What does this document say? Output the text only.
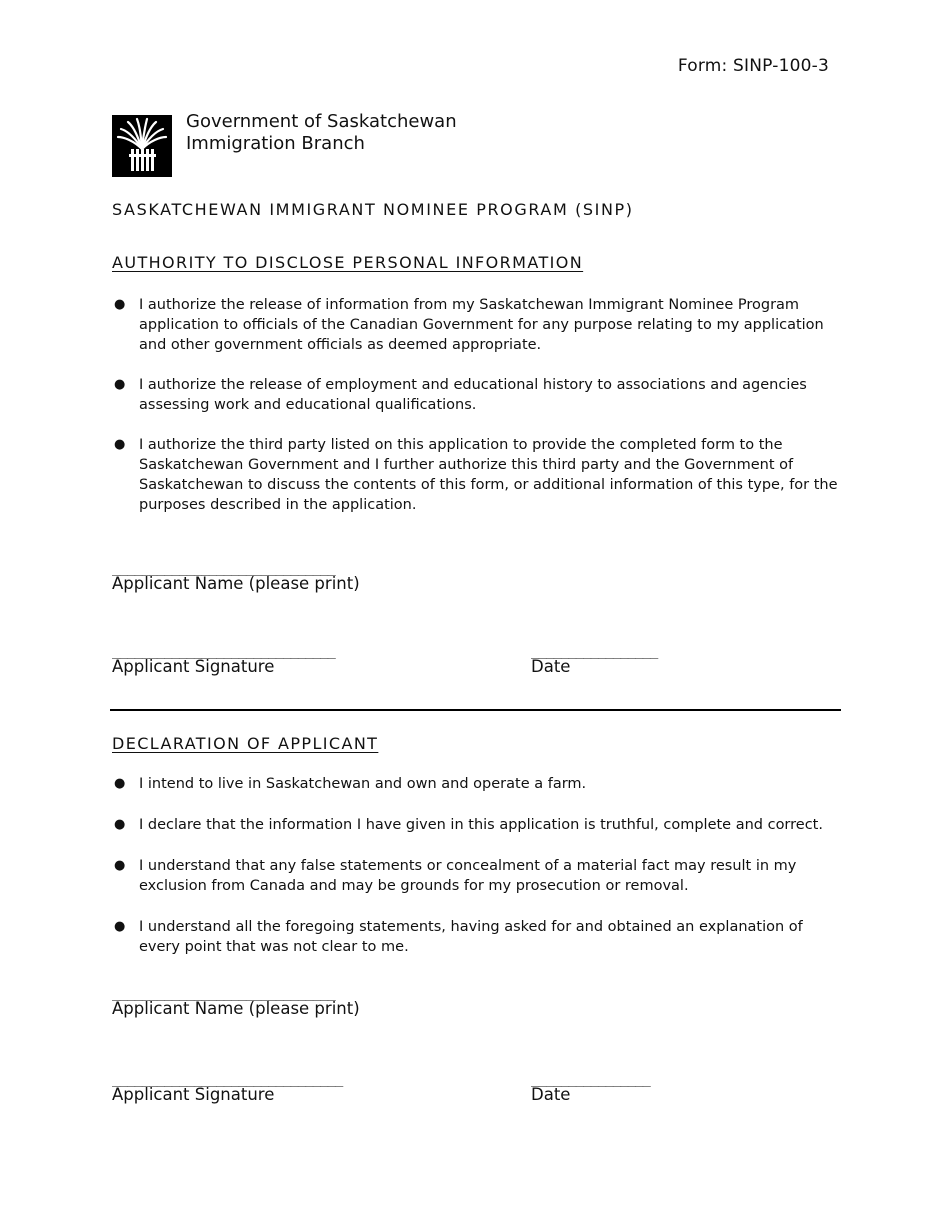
Form: SINP-100-3
Government of Saskatchewan
Immigration Branch
SASKATCHEWAN IMMIGRANT NOMINEE PROGRAM (SINP)
AUTHORITY TO DISCLOSE PERSONAL INFORMATION
● I authorize the release of information from my Saskatchewan Immigrant Nominee Program application to officials of the Canadian Government for any purpose relating to my application and other government officials as deemed appropriate.
● I authorize the release of employment and educational history to associations and agencies assessing work and educational qualifications.
● I authorize the third party listed on this application to provide the completed form to the Saskatchewan Government and I further authorize this third party and the Government of Saskatchewan to discuss the contents of this form, or additional information of this type, for the purposes described in the application.
______________________________
Applicant Name (please print)
______________________________
Applicant Signature
_________________
Date
DECLARATION OF APPLICANT
● I intend to live in Saskatchewan and own and operate a farm.
● I declare that the information I have given in this application is truthful, complete and correct.
● I understand that any false statements or concealment of a material fact may result in my exclusion from Canada and may be grounds for my prosecution or removal.
● I understand all the foregoing statements, having asked for and obtained an explanation of every point that was not clear to me.
______________________________
Applicant Name (please print)
_______________________________
Applicant Signature
________________
Date
